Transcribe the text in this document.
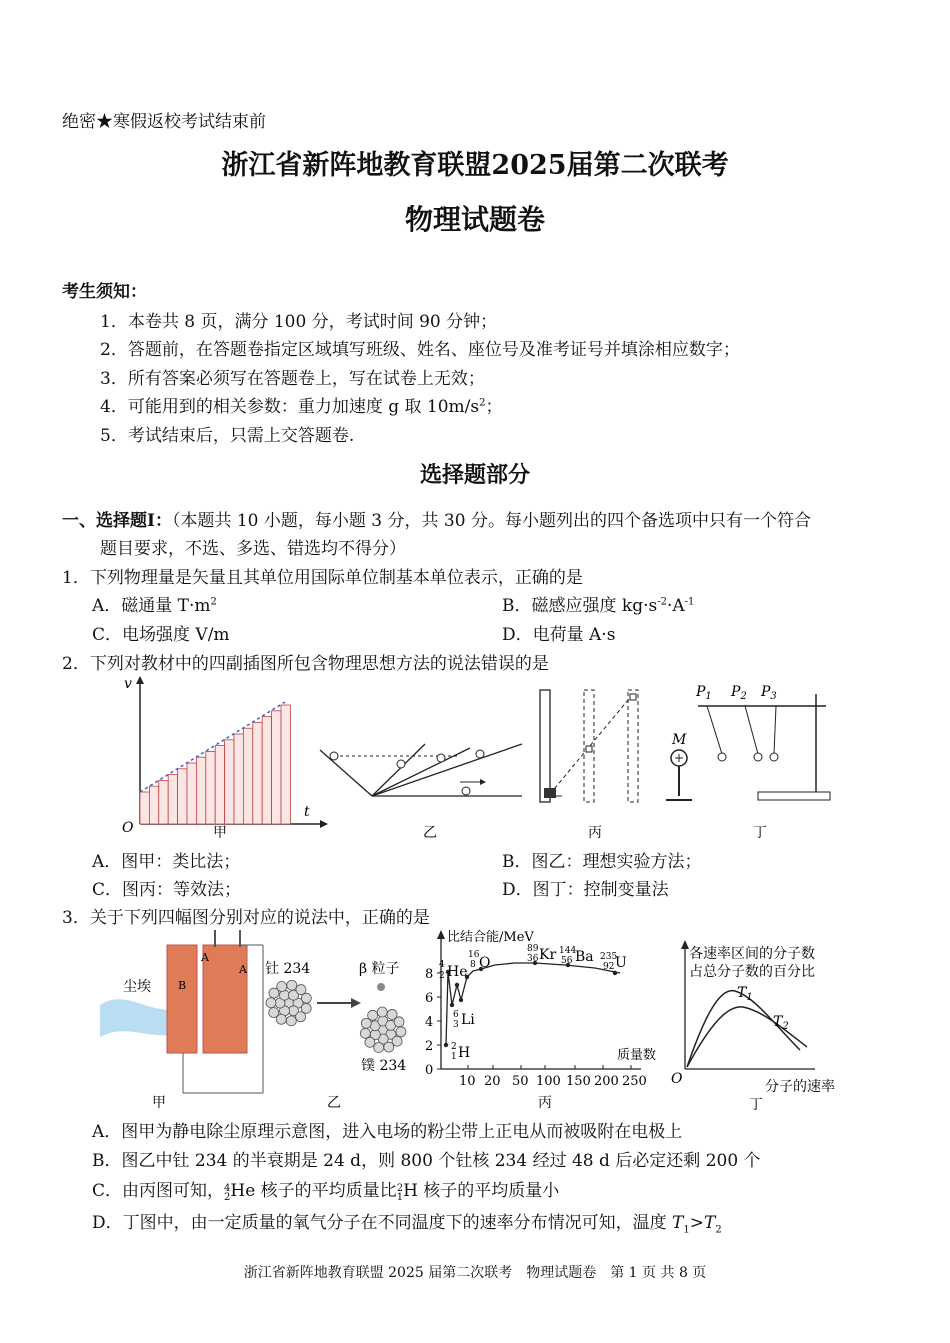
绝密★寒假返校考试结束前
浙江省新阵地教育联盟2025届第二次联考
物理试题卷
考生须知：
1．本卷共 8 页，满分 100 分，考试时间 90 分钟；
2．答题前，在答题卷指定区域填写班级、姓名、座位号及准考证号并填涂相应数字；
3．所有答案必须写在答题卷上，写在试卷上无效；
4．可能用到的相关参数：重力加速度 g 取 $10m/s^2$；
5．考试结束后，只需上交答题卷.
选择题部分
一、选择题Ⅰ：（本题共 10 小题，每小题 3 分，共 30 分。每小题列出的四个备选项中只有一个符合
题目要求，不选、多选、错选均不得分）
1．下列物理量是矢量且其单位用国际单位制基本单位表示，正确的是
A．磁通量 $T\cdot m^2$	B．磁感应强度 $kg\cdot s^{-2}\cdot A^{-1}$
C．电场强度 V/m	D．电荷量 A·s
2．下列对教材中的四副插图所包含物理思想方法的说法错误的是
v
t
O	甲	乙	丙
M
$P_1$ $P_2$ $P_3$
丁
A．图甲：类比法；	B．图乙：理想实验方法；
C．图丙：等效法；	D．图丁：控制变量法
3．关于下列四幅图分别对应的说法中，正确的是
尘埃
A
A
B
甲
钍 234	β 粒子
镤 234
乙
0
2
4
6
8
10 20 50 100 150 200 250
比结合能/MeV
质量数
4 2 He
16 8 O
89 36Kr 144 56 Ba 235 92U
6 3 Li
2 1H
丙
各速率区间的分子数
占总分子数的百分比
$T_1$
$T_2$
O	分子的速率
丁
A．图甲为静电除尘原理示意图，进入电场的粉尘带上正电从而被吸附在电极上
B．图乙中钍 234 的半衰期是 24 d，则 800 个钍核 234 经过 48 d 后必定还剩 200 个
C．由丙图可知，4
2He 核子的平均质量比2
1H 核子的平均质量小
D．丁图中，由一定质量的氧气分子在不同温度下的速率分布情况可知，温度 $T_1>T_2$
浙江省新阵地教育联盟 2025 届第二次联考　物理试题卷　第 1 页 共 8 页
